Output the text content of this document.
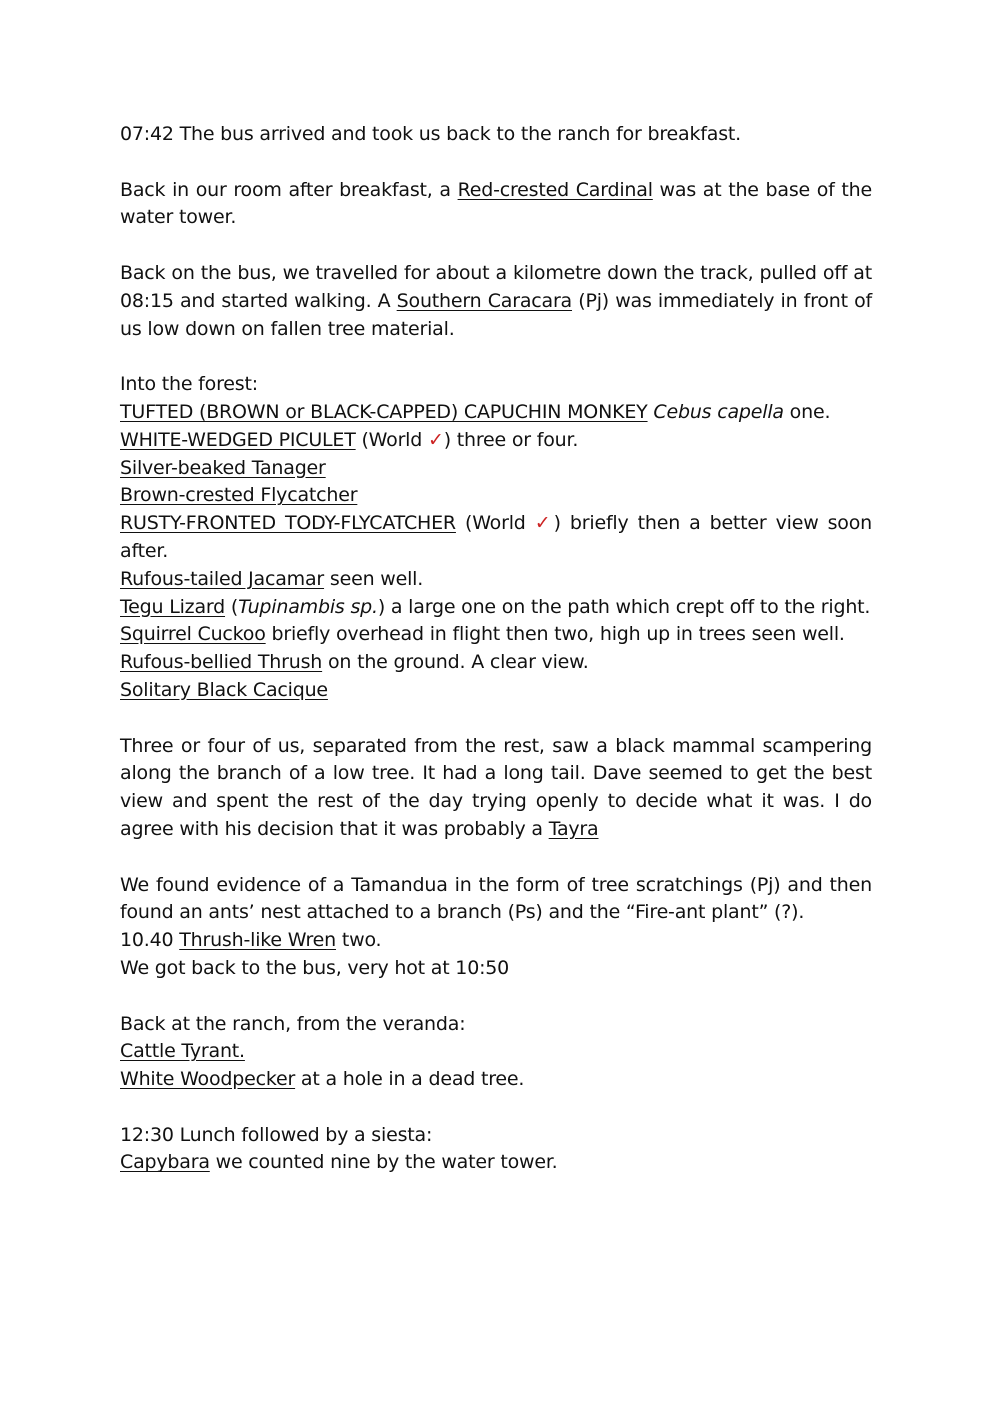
07:42 The bus arrived and took us back to the ranch for breakfast.

Back in our room after breakfast, a Red-crested Cardinal was at the base of the water tower.

Back on the bus, we travelled for about a kilometre down the track, pulled off at 08:15 and started walking. A Southern Caracara (Pj) was immediately in front of us low down on fallen tree material.

Into the forest:

TUFTED (BROWN or BLACK-CAPPED) CAPUCHIN MONKEY Cebus capella one.

WHITE-WEDGED PICULET (World ✓) three or four.

Silver-beaked Tanager

Brown-crested Flycatcher

RUSTY-FRONTED TODY-FLYCATCHER (World ✓) briefly then a better view soon after.

Rufous-tailed Jacamar seen well.

Tegu Lizard (Tupinambis sp.) a large one on the path which crept off to the right.

Squirrel Cuckoo briefly overhead in flight then two, high up in trees seen well.

Rufous-bellied Thrush on the ground. A clear view.

Solitary Black Cacique

Three or four of us, separated from the rest, saw a black mammal scampering along the branch of a low tree. It had a long tail. Dave seemed to get the best view and spent the rest of the day trying openly to decide what it was. I do agree with his decision that it was probably a Tayra

We found evidence of a Tamandua in the form of tree scratchings (Pj) and then found an ants’ nest attached to a branch (Ps) and the “Fire-ant plant” (?).

10.40 Thrush-like Wren two.

We got back to the bus, very hot at 10:50

Back at the ranch, from the veranda:

Cattle Tyrant.

White Woodpecker at a hole in a dead tree.

12:30 Lunch followed by a siesta:

Capybara we counted nine by the water tower.
